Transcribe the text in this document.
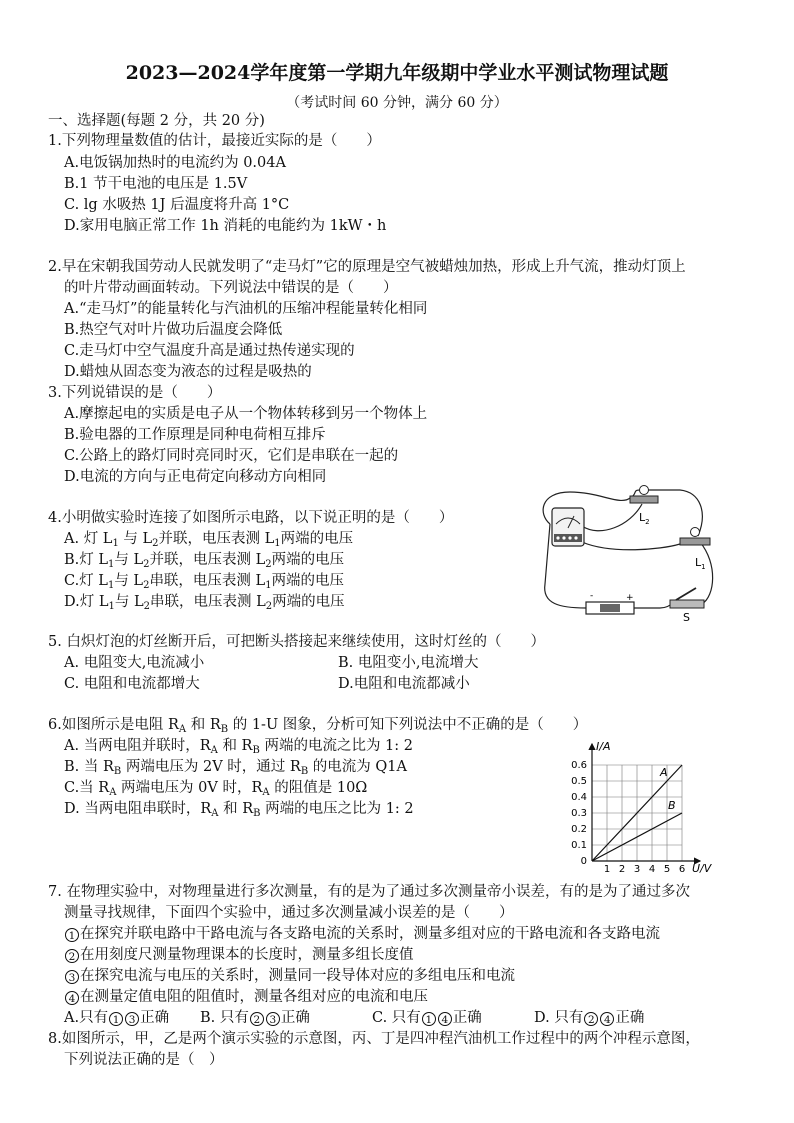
2023—2024学年度第一学期九年级期中学业水平测试物理试题
（考试时间 60 分钟，满分 60 分）
一、选择题(每题 2 分，共 20 分)
1.下列物理量数值的估计，最接近实际的是（　　）
A.电饭锅加热时的电流约为 0.04A
B.1 节干电池的电压是 1.5V
C. lg 水吸热 1J 后温度将升高 1°C
D.家用电脑正常工作 1h 消耗的电能约为 1kW・h
2.早在宋朝我国劳动人民就发明了“走马灯”它的原理是空气被蜡烛加热，形成上升气流，推动灯顶上
的叶片带动画面转动。下列说法中错误的是（　　）
A.“走马灯”的能量转化与汽油机的压缩冲程能量转化相同
B.热空气对叶片做功后温度会降低
C.走马灯中空气温度升高是通过热传递实现的
D.蜡烛从固态变为液态的过程是吸热的
3.下列说错误的是（　　）
A.摩擦起电的实质是电子从一个物体转移到另一个物体上
B.验电器的工作原理是同种电荷相互排斥
C.公路上的路灯同时亮同时灭，它们是串联在一起的
D.电流的方向与正电荷定向移动方向相同
4.小明做实验时连接了如图所示电路，以下说正明的是（　　）
A. 灯 $L_1$ 与 $L_2$并联，电压表测 $L_1$两端的电压
B.灯 $L_1$与 $L_2$并联，电压表测 $L_2$两端的电压
C.灯 $L_1$与 $L_2$串联，电压表测 $L_1$两端的电压
D.灯 $L_1$与 $L_2$串联，电压表测 $L_2$两端的电压
$L_2$
$L_1$
-	+
S
5. 白炽灯泡的灯丝断开后，可把断头搭接起来继续使用，这时灯丝的（　　）
A. 电阻变大,电流减小	B. 电阻变小,电流增大
C. 电阻和电流都增大	D.电阻和电流都减小
6.如图所示是电阻 $R_A$ 和 $R_B$ 的 1-U 图象，分析可知下列说法中不正确的是（　　）
A. 当两电阻并联时，$R_A$ 和 $R_B$ 两端的电流之比为 1: 2
B. 当 $R_B$ 两端电压为 2V 时，通过 $R_B$ 的电流为 Q1A
C.当 $R_A$ 两端电压为 0V 时，$R_A$ 的阻值是 10Ω
D. 当两电阻串联时，$R_A$ 和 $R_B$ 两端的电压之比为 1: 2
I/A
U/V
0.6
0.5
0.4
0.3
0.2
0.1
0
1 2 3 4 5 6
A
B
7. 在物理实验中，对物理量进行多次测量，有的是为了通过多次测量帝小误差，有的是为了通过多次
测量寻找规律，下面四个实验中，通过多次测量减小误差的是（　　）
1 在探究并联电路中干路电流与各支路电流的关系时，测量多组对应的干路电流和各支路电流
2 在用刻度尺测量物理课本的长度时，测量多组长度值
3 在探究电流与电压的关系时，测量同一段导体对应的多组电压和电流
4 在测量定值电阻的阻值时，测量各组对应的电流和电压
A.只有 1 3 正确 B. 只有 2 3 正确	C. 只有 1 4 正确	D. 只有 2 4 正确
8.如图所示，甲，乙是两个演示实验的示意图，丙、丁是四冲程汽油机工作过程中的两个冲程示意图，
下列说法正确的是（　）
